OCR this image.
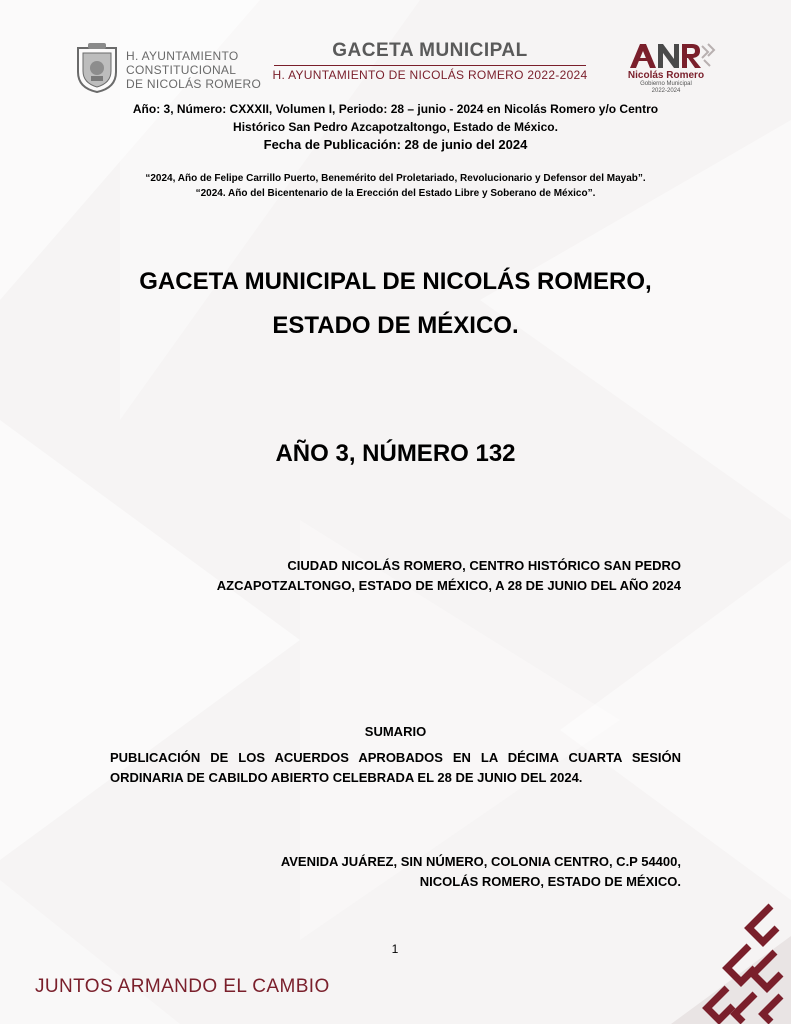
H. AYUNTAMIENTO
CONSTITUCIONAL
DE NICOLÁS ROMERO
GACETA MUNICIPAL
H. AYUNTAMIENTO DE NICOLÁS ROMERO 2022-2024	Nicolás Romero
Gobierno Municipal
2022-2024
Año: 3, Número: CXXXII, Volumen I, Periodo: 28 – junio - 2024 en Nicolás Romero y/o Centro
Histórico San Pedro Azcapotzaltongo, Estado de México.
Fecha de Publicación: 28 de junio del 2024
“2024, Año de Felipe Carrillo Puerto, Benemérito del Proletariado, Revolucionario y Defensor del Mayab”.
“2024. Año del Bicentenario de la Erección del Estado Libre y Soberano de México”.
GACETA MUNICIPAL DE NICOLÁS ROMERO,
ESTADO DE MÉXICO.
AÑO 3, NÚMERO 132
CIUDAD NICOLÁS ROMERO, CENTRO HISTÓRICO SAN PEDRO
AZCAPOTZALTONGO, ESTADO DE MÉXICO, A 28 DE JUNIO DEL AÑO 2024
SUMARIO
PUBLICACIÓN DE LOS ACUERDOS APROBADOS EN LA DÉCIMA CUARTA SESIÓN ORDINARIA DE CABILDO ABIERTO CELEBRADA EL 28 DE JUNIO DEL 2024.
AVENIDA JUÁREZ, SIN NÚMERO, COLONIA CENTRO, C.P 54400,
NICOLÁS ROMERO, ESTADO DE MÉXICO.
1
JUNTOS ARMANDO EL CAMBIO
